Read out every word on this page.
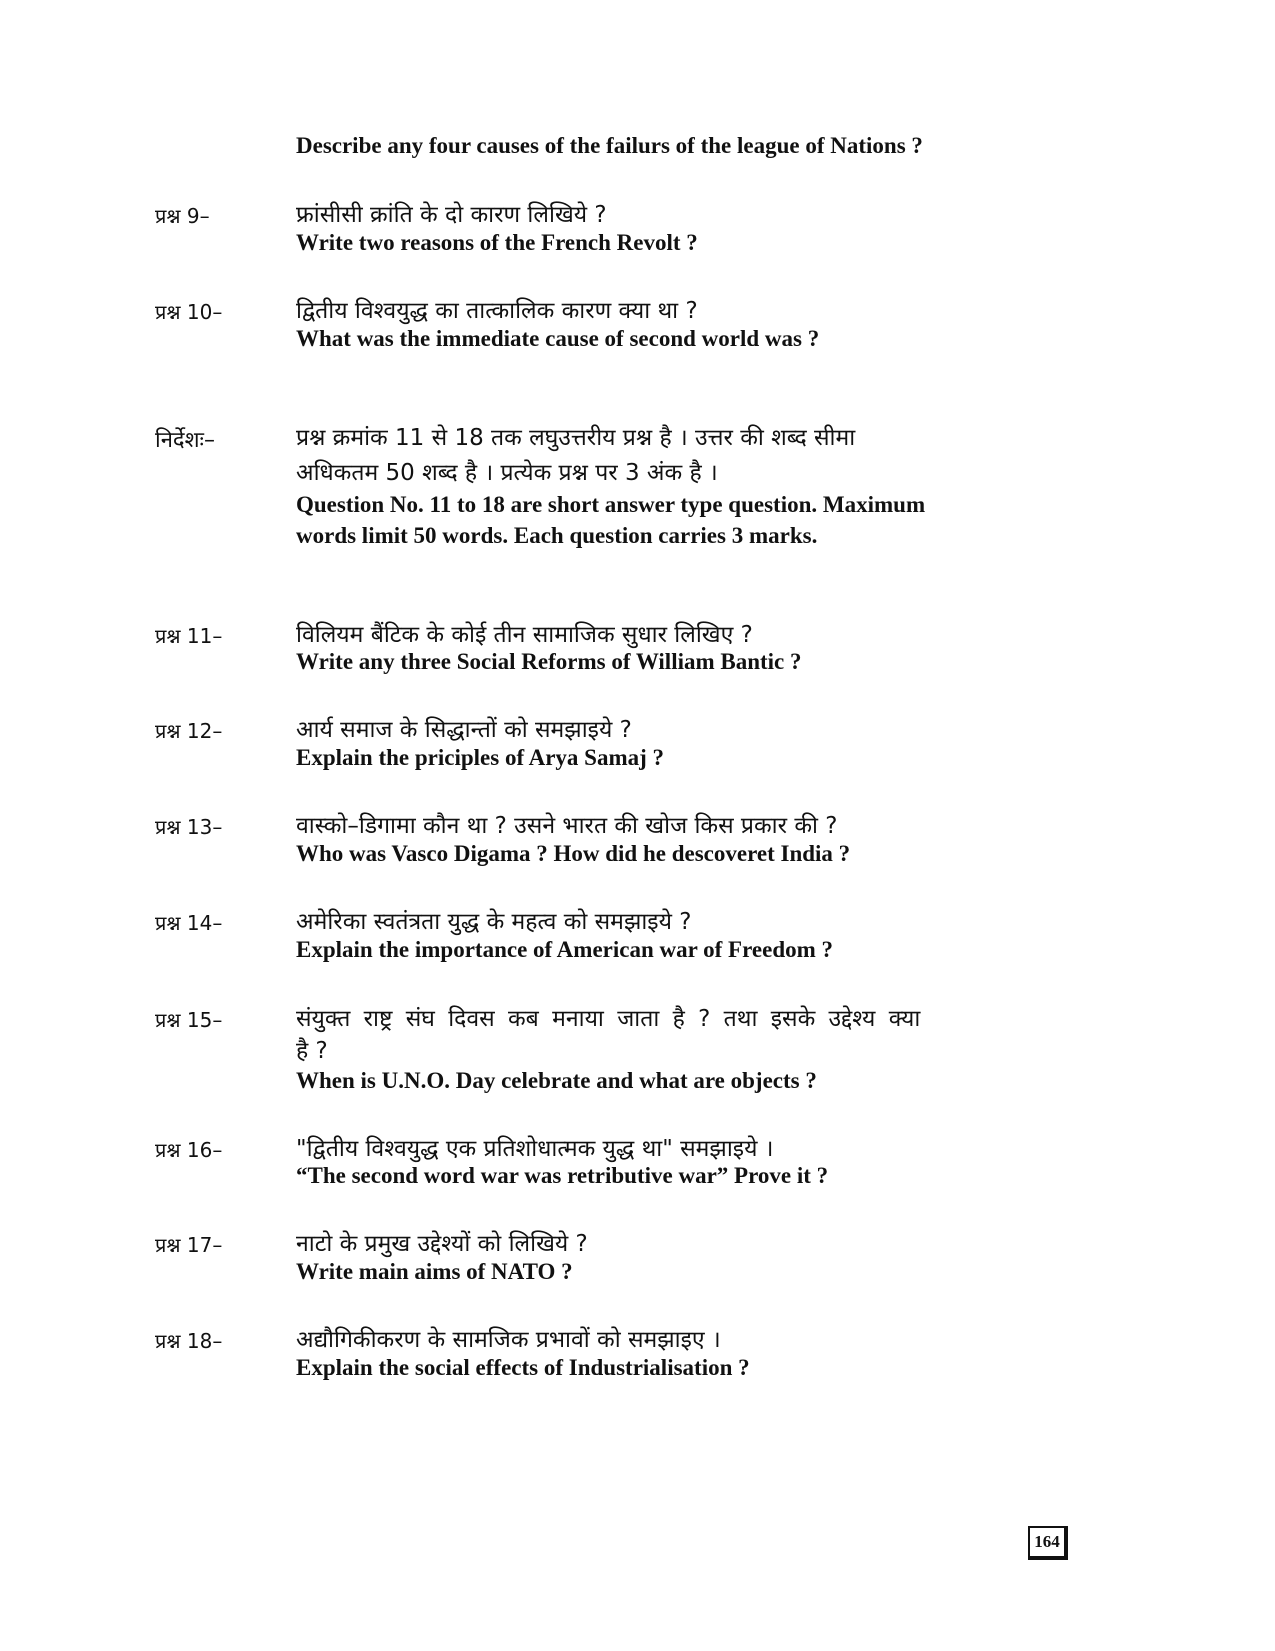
Describe any four causes of the failurs of the league of Nations ?
प्रश्न 9–	फ्रांसीसी क्रांति के दो कारण लिखिये ?
Write two reasons of the French Revolt ?
प्रश्न 10–	द्वितीय विश्वयुद्ध का तात्कालिक कारण क्या था ?
What was the immediate cause of second world was ?
निर्देशः–	प्रश्न क्रमांक 11 से 18 तक लघुउत्तरीय प्रश्न है । उत्तर की शब्द सीमा
अधिकतम 50 शब्द है । प्रत्येक प्रश्न पर 3 अंक है ।
Question No. 11 to 18 are short answer type question. Maximum
words limit 50 words. Each question carries 3 marks.
प्रश्न 11–	विलियम बैंटिक के कोई तीन सामाजिक सुधार लिखिए ?
Write any three Social Reforms of William Bantic ?
प्रश्न 12–	आर्य समाज के सिद्धान्तों को समझाइये ?
Explain the priciples of Arya Samaj ?
प्रश्न 13–	वास्को–डिगामा कौन था ? उसने भारत की खोज किस प्रकार की ?
Who was Vasco Digama ? How did he descoveret India ?
प्रश्न 14–	अमेरिका स्वतंत्रता युद्ध के महत्व को समझाइये ?
Explain the importance of American war of Freedom ?
प्रश्न 15–	संयुक्त राष्ट्र संघ दिवस कब मनाया जाता है ? तथा इसके उद्देश्य क्या
है ?
When is U.N.O. Day celebrate and what are objects ?
प्रश्न 16–	"द्वितीय विश्वयुद्ध एक प्रतिशोधात्मक युद्ध था" समझाइये ।
“The second word war was retributive war” Prove it ?
प्रश्न 17–	नाटो के प्रमुख उद्देश्यों को लिखिये ?
Write main aims of NATO ?
प्रश्न 18–	अद्यौगिकीकरण के सामजिक प्रभावों को समझाइए ।
Explain the social effects of Industrialisation ?
164
